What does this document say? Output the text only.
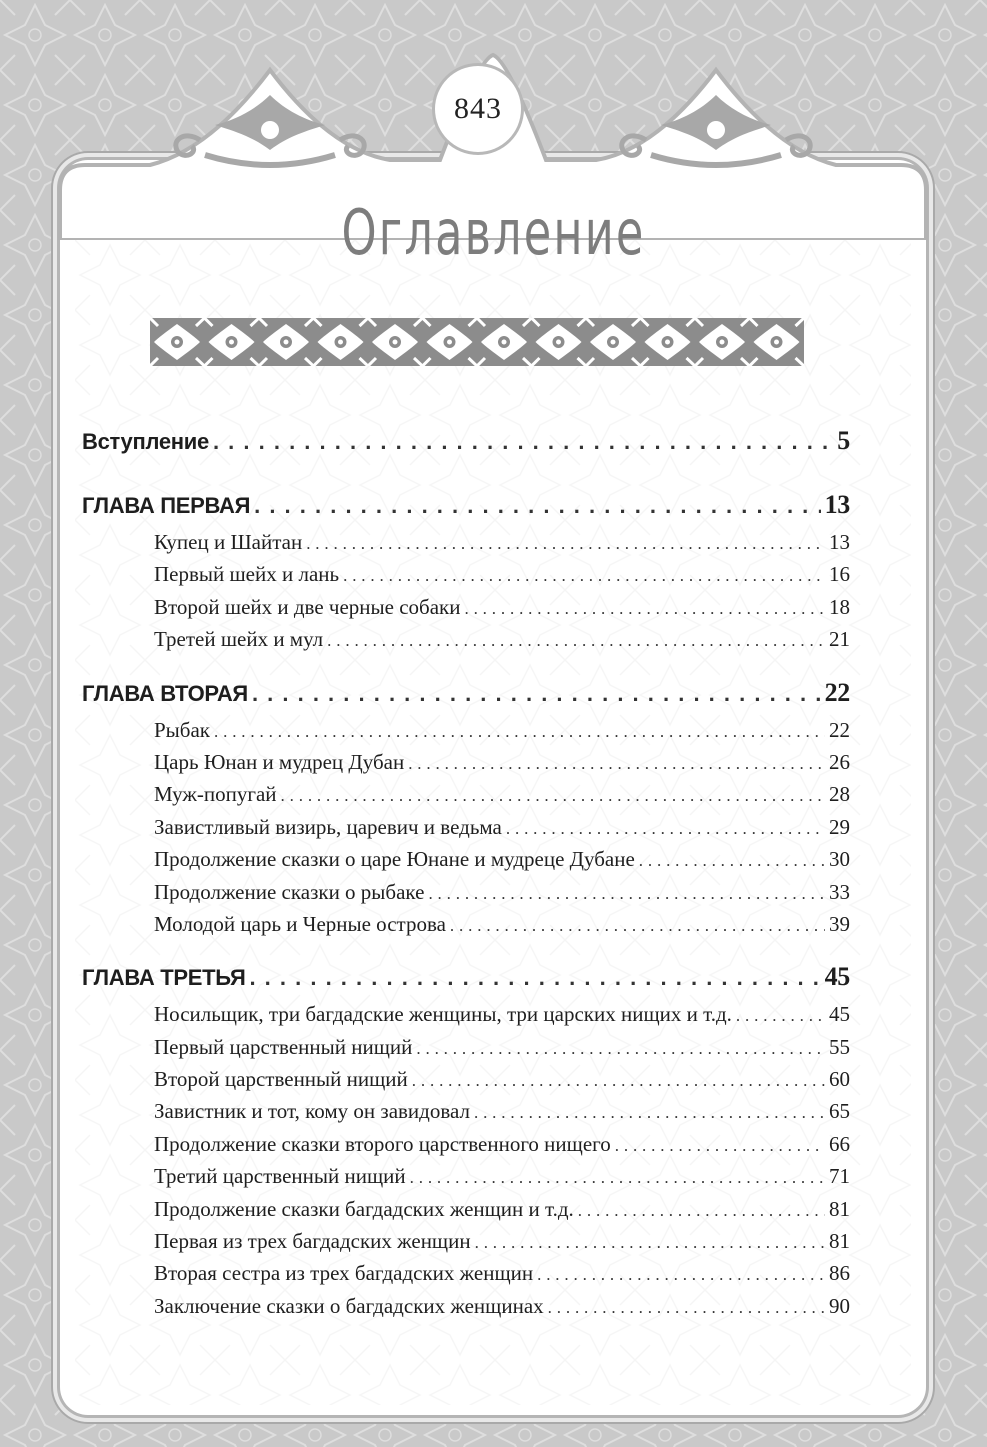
843
Оглавление
Вступление . . .	5
ГЛАВА ПЕРВАЯ . . .	13
Купец и Шайтан . . .	13
Первый шейх и лань . . .	16
Второй шейх и две черные собаки . . .	18
Третей шейх и мул . . .	21
ГЛАВА ВТОРАЯ . . .	22
Рыбак . . .	22
Царь Юнан и мудрец Дубан . . .	26
Муж-попугай . . .	28
Завистливый визирь, царевич и ведьма . . .	29
Продолжение сказки о царе Юнане и мудреце Дубане . . .	30
Продолжение сказки о рыбаке . . .	33
Молодой царь и Черные острова . . .	39
ГЛАВА ТРЕТЬЯ . . .	45
Носильщик, три багдадские женщины, три царских нищих и т.д. . . .	45
Первый царственный нищий . . .	55
Второй царственный нищий . . .	60
Завистник и тот, кому он завидовал . . .	65
Продолжение сказки второго царственного нищего . . .	66
Третий царственный нищий . . .	71
Продолжение сказки багдадских женщин и т.д. . . .	81
Первая из трех багдадских женщин . . .	81
Вторая сестра из трех багдадских женщин . . .	86
Заключение сказки о багдадских женщинах . . .	90
